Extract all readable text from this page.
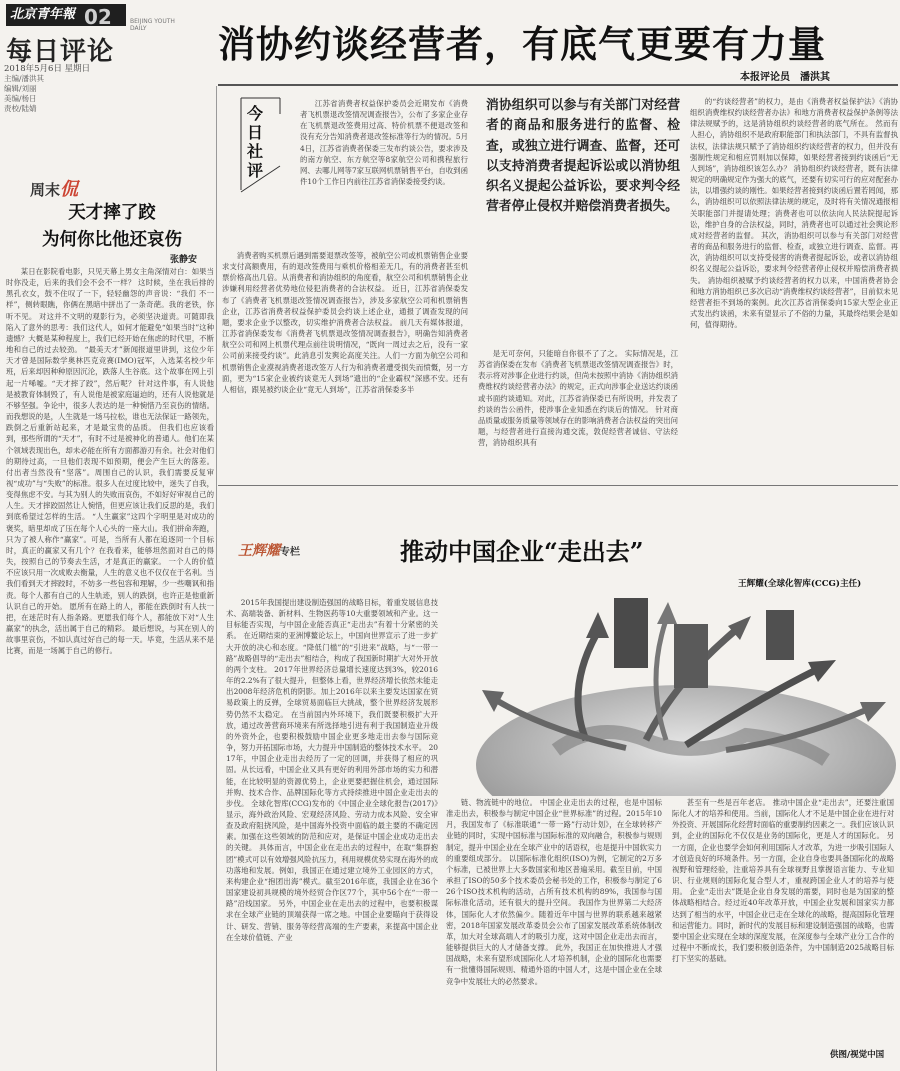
北京青年報 02	BEIJING YOUTH DAILY
每日评论
2018年5月6日 星期日
主编/潘洪其
编辑/刘丽
美编/杨日
责校/陆婧
消协约谈经营者，有底气更要有力量
本报评论员　潘洪其
周末侃
天才摔了跤
为何你比他还哀伤
张静安

某日在影院看电影，只见天幕上男女主角深情对白：如果当时你没走，后来的我们会不会不一样？ 这时候，坐在我后排的黑孔衣女，鼓不住叹了一下，轻轻幽怨的声音说：“我们 不一样”，侧转眼瞧，你俩在黑暗中拼出了一条奇葩。我的老铁，你听不见。 对这并不文明的观影行为，必须坚决道责。可随即我陷入了意外的思考：我们这代人，如何才能避免“如果当时”这种遗憾？大概是某种程度上，我们已经开始在焦虑的时代里，不断地和自己的过去较劲。 “最美天才”新闻报道里讲到，这位少年天才曾是国际数学奥林匹克竞赛(IMO)冠军，入选某名校少年班，后来却因种种原因沉沦，跌落人生谷底。这个故事在网上引起一片唏嘘。“天才摔了跤”，然后呢？ 针对这件事，有人说他是被教育体制毁了，有人说他是被家庭逼迫的，还有人说他就是不够坚强。争论中，很多人表达的是一种惋惜乃至哀伤的情绪。而我想说的是，人生就是一场马拉松，谁也无法保证一路领先，跌倒之后重新站起来，才是最宝贵的品质。 但我们也应该看到，那些所谓的“天才”，有时不过是被神化的普通人。他们在某个领域表现出色，却未必能在所有方面都游刃有余。社会对他们的期待过高，一旦他们表现不如预期，便会产生巨大的落差。 付出者当然没有“坚落”。周围自己的认识，我们需要反复审视“成功”与“失败”的标准。很多人在过度比较中，迷失了自我，变得焦虑不安。与其为别人的失败而哀伤，不如好好审视自己的人生。天才摔跤固然让人惋惜，但更应该让我们反思的是，我们到底希望过怎样的生活。 “人生赢家”这四个字明里是对成功的褒奖，暗里却成了压在每个人心头的一座大山。我们拼命奔跑，只为了被人称作“赢家”。可是，当所有人都在追逐同一个目标时，真正的赢家又有几个？在我看来，能够坦然面对自己的得失，按照自己的节奏去生活，才是真正的赢家。 一个人的价值不应该只用一次成败去衡量，人生的意义也不仅仅在于名利。当我们看到天才摔跤时，不妨多一些包容和理解，少一些嘲讽和指责。每个人都有自己的人生轨迹，别人的跌倒，也许正是他重新认识自己的开始。 愿所有在路上的人，都能在跌倒时有人扶一把，在迷茫时有人指条路。更愿我们每个人，都能放下对“人生赢家”的执念，活出属于自己的精彩。 最后想说，与其在别人的故事里哀伤，不如认真过好自己的每一天。毕竟，生活从来不是比赛，而是一场属于自己的修行。

今日社评

江苏省消费者权益保护委员会近期发布《消费者飞机票退改签情况调查报告》，公布了多家企业存在飞机票退改签费用过高、特价机票不便退改签和没有充分告知消费者退改签标准等行为的情况。5月4日，江苏省消费者保委三发布约谈公告，要求涉及的南方航空、东方航空等8家航空公司和携程旅行网、去哪儿网等7家互联网机票销售平台，自收到函件10个工作日内前往江苏省消保委接受约谈。

消费者购买机票后遇到需要退票改签等，被航空公司或机票销售企业要求支付高额费用，有的退改签费用与乘机价格相差无几，有的消费者甚至机票价格高出几倍。从消费者和消协组织的角度看，航空公司和机票销售企业涉嫌利用经营者优势地位侵犯消费者的合法权益。 近日，江苏省消保委发布了《消费者飞机票退改签情况调查报告》，涉及多家航空公司和机票销售企业，江苏省消费者权益保护委员会约谈上述企业，通报了调查发现的问题，要求企业予以整改，切实维护消费者合法权益。 前几天有媒体报道，江苏省消保委发布《消费者飞机票退改签情况调查报告》，明确告知消费者航空公司和网上机票代理点前往说明情况，“既向一周过去之后，没有一家公司前来接受约谈”。此消息引发舆论高度关注。人们一方面为航空公司和机票销售企业漠视消费者退改签万人行为和消费者遭受损失而愤慨，另一方面，更为“15家企业被约谈竟无人到场”遗出的“企业霸权”深感不安。还有人相信，跟晃被约谈企业“竟无人到场”，江苏省消保委多半

是无可奈何，只能暗自你很不了了之。 实际情况是，江苏省消保委在发布《消费者飞机票退改签情况调查报告》时，表示将对涉事企业进行约谈，但尚未按照中消协《消协组织消费维权约谈经营者办法》的规定，正式向涉事企业送达约谈函或书面约谈通知。对此，江苏省消保委已有所说明，并发表了约谈的告公函件，使涉事企业知悉在约谈后的情况。 针对商品质量或服务质量等领域存在的影响消费者合法权益的突出问题，与经营者进行直接沟通交流，敦促经营者诚信、守法经营，消协组织具有

的“约谈经营者”的权力，是由《消费者权益保护法》《消协组织消费维权约谈经营者办法》和地方消费者权益保护条例等法律法规赋予的，这是消协组织约谈经营者的底气所在。 然而有人担心，消协组织不是政府职能部门和执法部门，不具有监督执法权，法律法规只赋予了消协组织约谈经营者的权力，但并没有强制性规定和相应罚则加以保障，如果经营者接到约谈函后“无人到场”，消协组织该怎么办？ 消协组织约谈经营者，既有法律规定的明确规定作为强大的底气，还要有切实可行的应对配套办法，以增强约谈的刚性。如果经营者接到约谈函后置若罔闻，那么，消协组织可以依照法律法规的规定，及时将有关情况通报相关职能部门并提请处理；消费者也可以依法向人民法院提起诉讼，维护自身的合法权益，同时，消费者也可以通过社会舆论形成对经营者的监督。 其次，消协组织可以参与有关部门对经营者的商品和服务进行的监督、检查，或独立进行调查、监督。再次，消协组织可以支持受侵害的消费者提起诉讼，或者以消协组织名义提起公益诉讼，要求判令经营者停止侵权并赔偿消费者损失。 消协组织被赋予约谈经营者的权力以来，中国消费者协会和地方消协组织已多次启动“消费维权约谈经营者”，目前似未见经营者拒不到场的案例。此次江苏省消保委向15家大型企业正式发出约谈函，未来有望显示了不俗的力量，其最终结果会是如何，值得期待。

消协组织可以参与有关部门对经营者的商品和服务进行的监督、检查，或独立进行调查、监督，还可以支持消费者提起诉讼或以消协组织名义提起公益诉讼，要求判令经营者停止侵权并赔偿消费者损失。
王辉耀专栏	推动中国企业“走出去”
王辉耀(全球化智库(CCG)主任)

2015年我国提出建设制造强国的战略目标，着重发展信息技术、高端装备、新材料、生物医药等10大重要领域和产业。这一目标能否实现，与中国企业能否真正“走出去”有着十分紧密的关系。 在近期结束的亚洲博鳌论坛上，中国向世界宣示了进一步扩大开放的决心和态度。“降低门槛”的“引进来”战略，与“一带一路”战略倡导的“走出去”相结合，构成了我国新时期扩大对外开放的两个支柱。 2017年世界经济总量增长速度达到3%，较2016年的2.2%有了很大提升，但整体上看，世界经济增长依然未能走出2008年经济危机的阴影。加上2016年以来主要发达国家在贸易政策上的反弹，全球贸易面临巨大挑战，整个世界经济发展形势仍然不太稳定。 在当前国内外环境下，我们既要积极扩大开放，通过改善营商环境来有所选择地引进有利于我国制造业升级的外资外企，也要积极鼓励中国企业更多地走出去参与国际竞争，努力开拓国际市场，大力提升中国制造的整体技术水平。 2017年，中国企业走出去经历了一定的回调，并获得了相应的巩固。从长远看，中国企业又具有更好的利用外部市场的实力和潜能，在比较明显的资源优势上，企业更要把握住机会，通过国际并购、技术合作、品牌国际化等方式持续推进中国企业走出去的步伐。 全球化智库(CCG)发布的《中国企业全球化报告(2017)》显示，海外政治风险、宏观经济风险、劳动力成本风险、安全审查及政府阻挠风险，是中国海外投资中面临的最主要的不确定因素。加强在这些领域的防范和应对，是保证中国企业成功走出去的关键。 具体而言，中国企业在走出去的过程中，在取“集群抱团”模式可以有效增强风险抗压力，利用规模优势实现在海外的成功落地和发展。例如，我国正在通过建立境外工业园区的方式，来构建企业“抱团出海”模式。截至2016年底，我国企业在36个国家建设初具规模的境外经贸合作区77个，其中56个在“一带一路”沿线国家。 另外，中国企业在走出去的过程中，也要积极谋求在全球产业链的顶端获得一席之地。中国企业要瞄向于获得设计、研发、营销、服务等经营高端的生产要素，来提高中国企业在全球价值链、产业

链、物流链中的地位。 中国企业走出去的过程，也是中国标准走出去，积极参与制定中国企业“世界标准”的过程。2015年10月，我国发布了《标准联通“一带一路”行动计划》，在全球转移产业链的同时，实现中国标准与国际标准的双向融合，积极参与规则制定，提升中国企业在全球产业中的话语权，也是提升中国软实力的重要组成部分。 以国际标准化组织(ISO)为例，它制定的2万多个标准，已被世界上大多数国家和地区普遍采用。截至目前，中国承担了ISO的50多个技术委员会秘书处的工作，积极参与制定了626个ISO技术机构的活动，占所有技术机构的89%，我国参与国际标准化活动，还有很大的提升空间。 我国作为世界第二大经济体，国际化人才依然偏少。随着近年中国与世界的联系越来越紧密，2018年国家发展改革委员会公布了国家发展改革系统体制改革，加大对全球高端人才的吸引力度，这对中国企业走出去而言，能够提供巨大的人才储备支撑。 此外，我国正在加快推进人才强国战略，未来有望形成国际化人才培养机制，企业的国际化也需要有一批懂得国际规则、精通外语的中国人才，这是中国企业在全球竞争中发展壮大的必然要求。

甚至有一些是百年老店。 推动中国企业“走出去”，还要注重国际化人才的培养和使用。当前，国际化人才不足是中国企业在进行对外投资、开展国际化经营时面临的重要制约因素之一。我们应该认识到，企业的国际化不仅仅是业务的国际化，更是人才的国际化。 另一方面，企业也要学会如何利用国际人才改革，为进一步吸引国际人才创造良好的环境条件。另一方面，企业自身也要具备国际化的战略视野和管理经验，注重培养具有全球视野且掌握语言能力、专业知识、行业规则的国际化复合型人才，重视跨国企业人才的培养与使用。 企业“走出去”既是企业自身发展的需要，同时也是为国家的整体战略相结合。经过近40年改革开放，中国企业发展和国家实力都达到了相当的水平，中国企业已走在全球化的战略，提高国际化管理和运营能力。同时，新时代的发展目标和建设制造强国的战略，也需要中国企业实现在全球的深度发展，在深度参与全球产业分工合作的过程中不断成长，我们要积极创造条件，为中国制造2025战略目标打下坚实的基础。

供图/视觉中国
